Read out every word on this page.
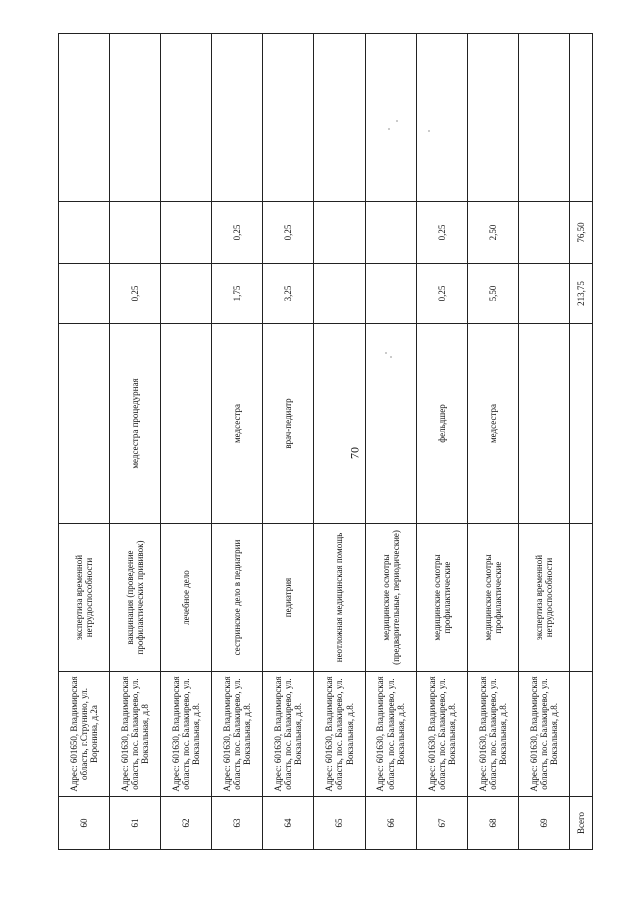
70
60	Адрес: 601650, Владимирская область, г.Струнино, ул. Воронина, д.2а	экспертиза временной нетрудоспособности				
61	Адрес: 601630, Владимирская область, пос. Балакирево, ул. Вокзальная, д.8	вакцинация (проведение профилактических прививок)	медсестра процедурная	0,25		
62	Адрес: 601630, Владимирская область, пос. Балакирево, ул. Вокзальная, д.8.	лечебное дело				
63	Адрес: 601630, Владимирская область, пос. Балакирево, ул. Вокзальная, д.8.	сестринское дело в педиатрии	медсестра	1,75	0,25	
64	Адрес: 601630, Владимирская область, пос. Балакирево, ул. Вокзальная, д.8.	педиатрия	врач-педиатр	3,25	0,25	
65	Адрес: 601630, Владимирская область, пос. Балакирево, ул. Вокзальная, д.8.	неотложная медицинская помощь				
66	Адрес: 601630, Владимирская область, пос. Балакирево, ул. Вокзальная, д.8.	медицинские осмотры (предварительные, периодические)				
67	Адрес: 601630, Владимирская область, пос. Балакирево, ул. Вокзальная, д.8.	медицинские осмотры профилактические	фельдшер	0,25	0,25	
68	Адрес: 601630, Владимирская область, пос. Балакирево, ул. Вокзальная, д.8.	медицинские осмотры профилактические	медсестра	5,50	2,50	
69	Адрес: 601630, Владимирская область, пос. Балакирево, ул. Вокзальная, д.8.	экспертиза временной нетрудоспособности				
Всего				213,75	76,50	
